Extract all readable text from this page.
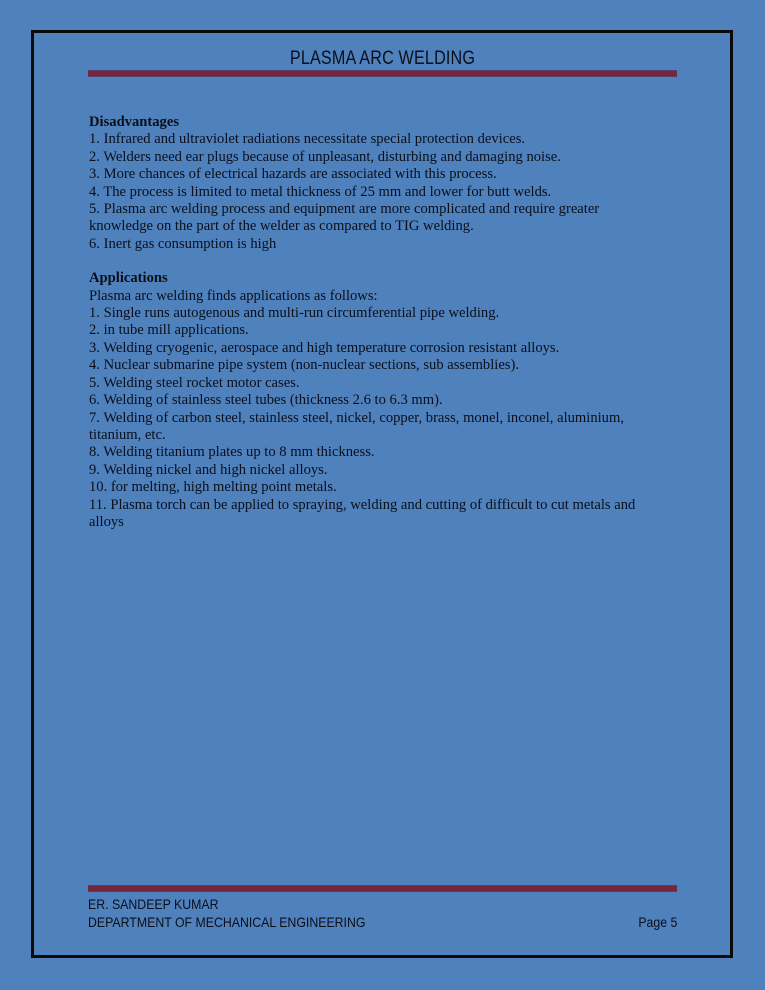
PLASMA ARC WELDING
Disadvantages
1. Infrared and ultraviolet radiations necessitate special protection devices.
2. Welders need ear plugs because of unpleasant, disturbing and damaging noise.
3. More chances of electrical hazards are associated with this process.
4. The process is limited to metal thickness of 25 mm and lower for butt welds.
5. Plasma arc welding process and equipment are more complicated and require greater knowledge on the part of the welder as compared to TIG welding.
6. Inert gas consumption is high
Applications
Plasma arc welding finds applications as follows:
1. Single runs autogenous and multi-run circumferential pipe welding.
2. in tube mill applications.
3. Welding cryogenic, aerospace and high temperature corrosion resistant alloys.
4. Nuclear submarine pipe system (non-nuclear sections, sub assemblies).
5. Welding steel rocket motor cases.
6. Welding of stainless steel tubes (thickness 2.6 to 6.3 mm).
7. Welding of carbon steel, stainless steel, nickel, copper, brass, monel, inconel, aluminium, titanium, etc.
8. Welding titanium plates up to 8 mm thickness.
9. Welding nickel and high nickel alloys.
10. for melting, high melting point metals.
11. Plasma torch can be applied to spraying, welding and cutting of difficult to cut metals and alloys
ER. SANDEEP KUMAR
DEPARTMENT OF MECHANICAL ENGINEERING	Page 5
